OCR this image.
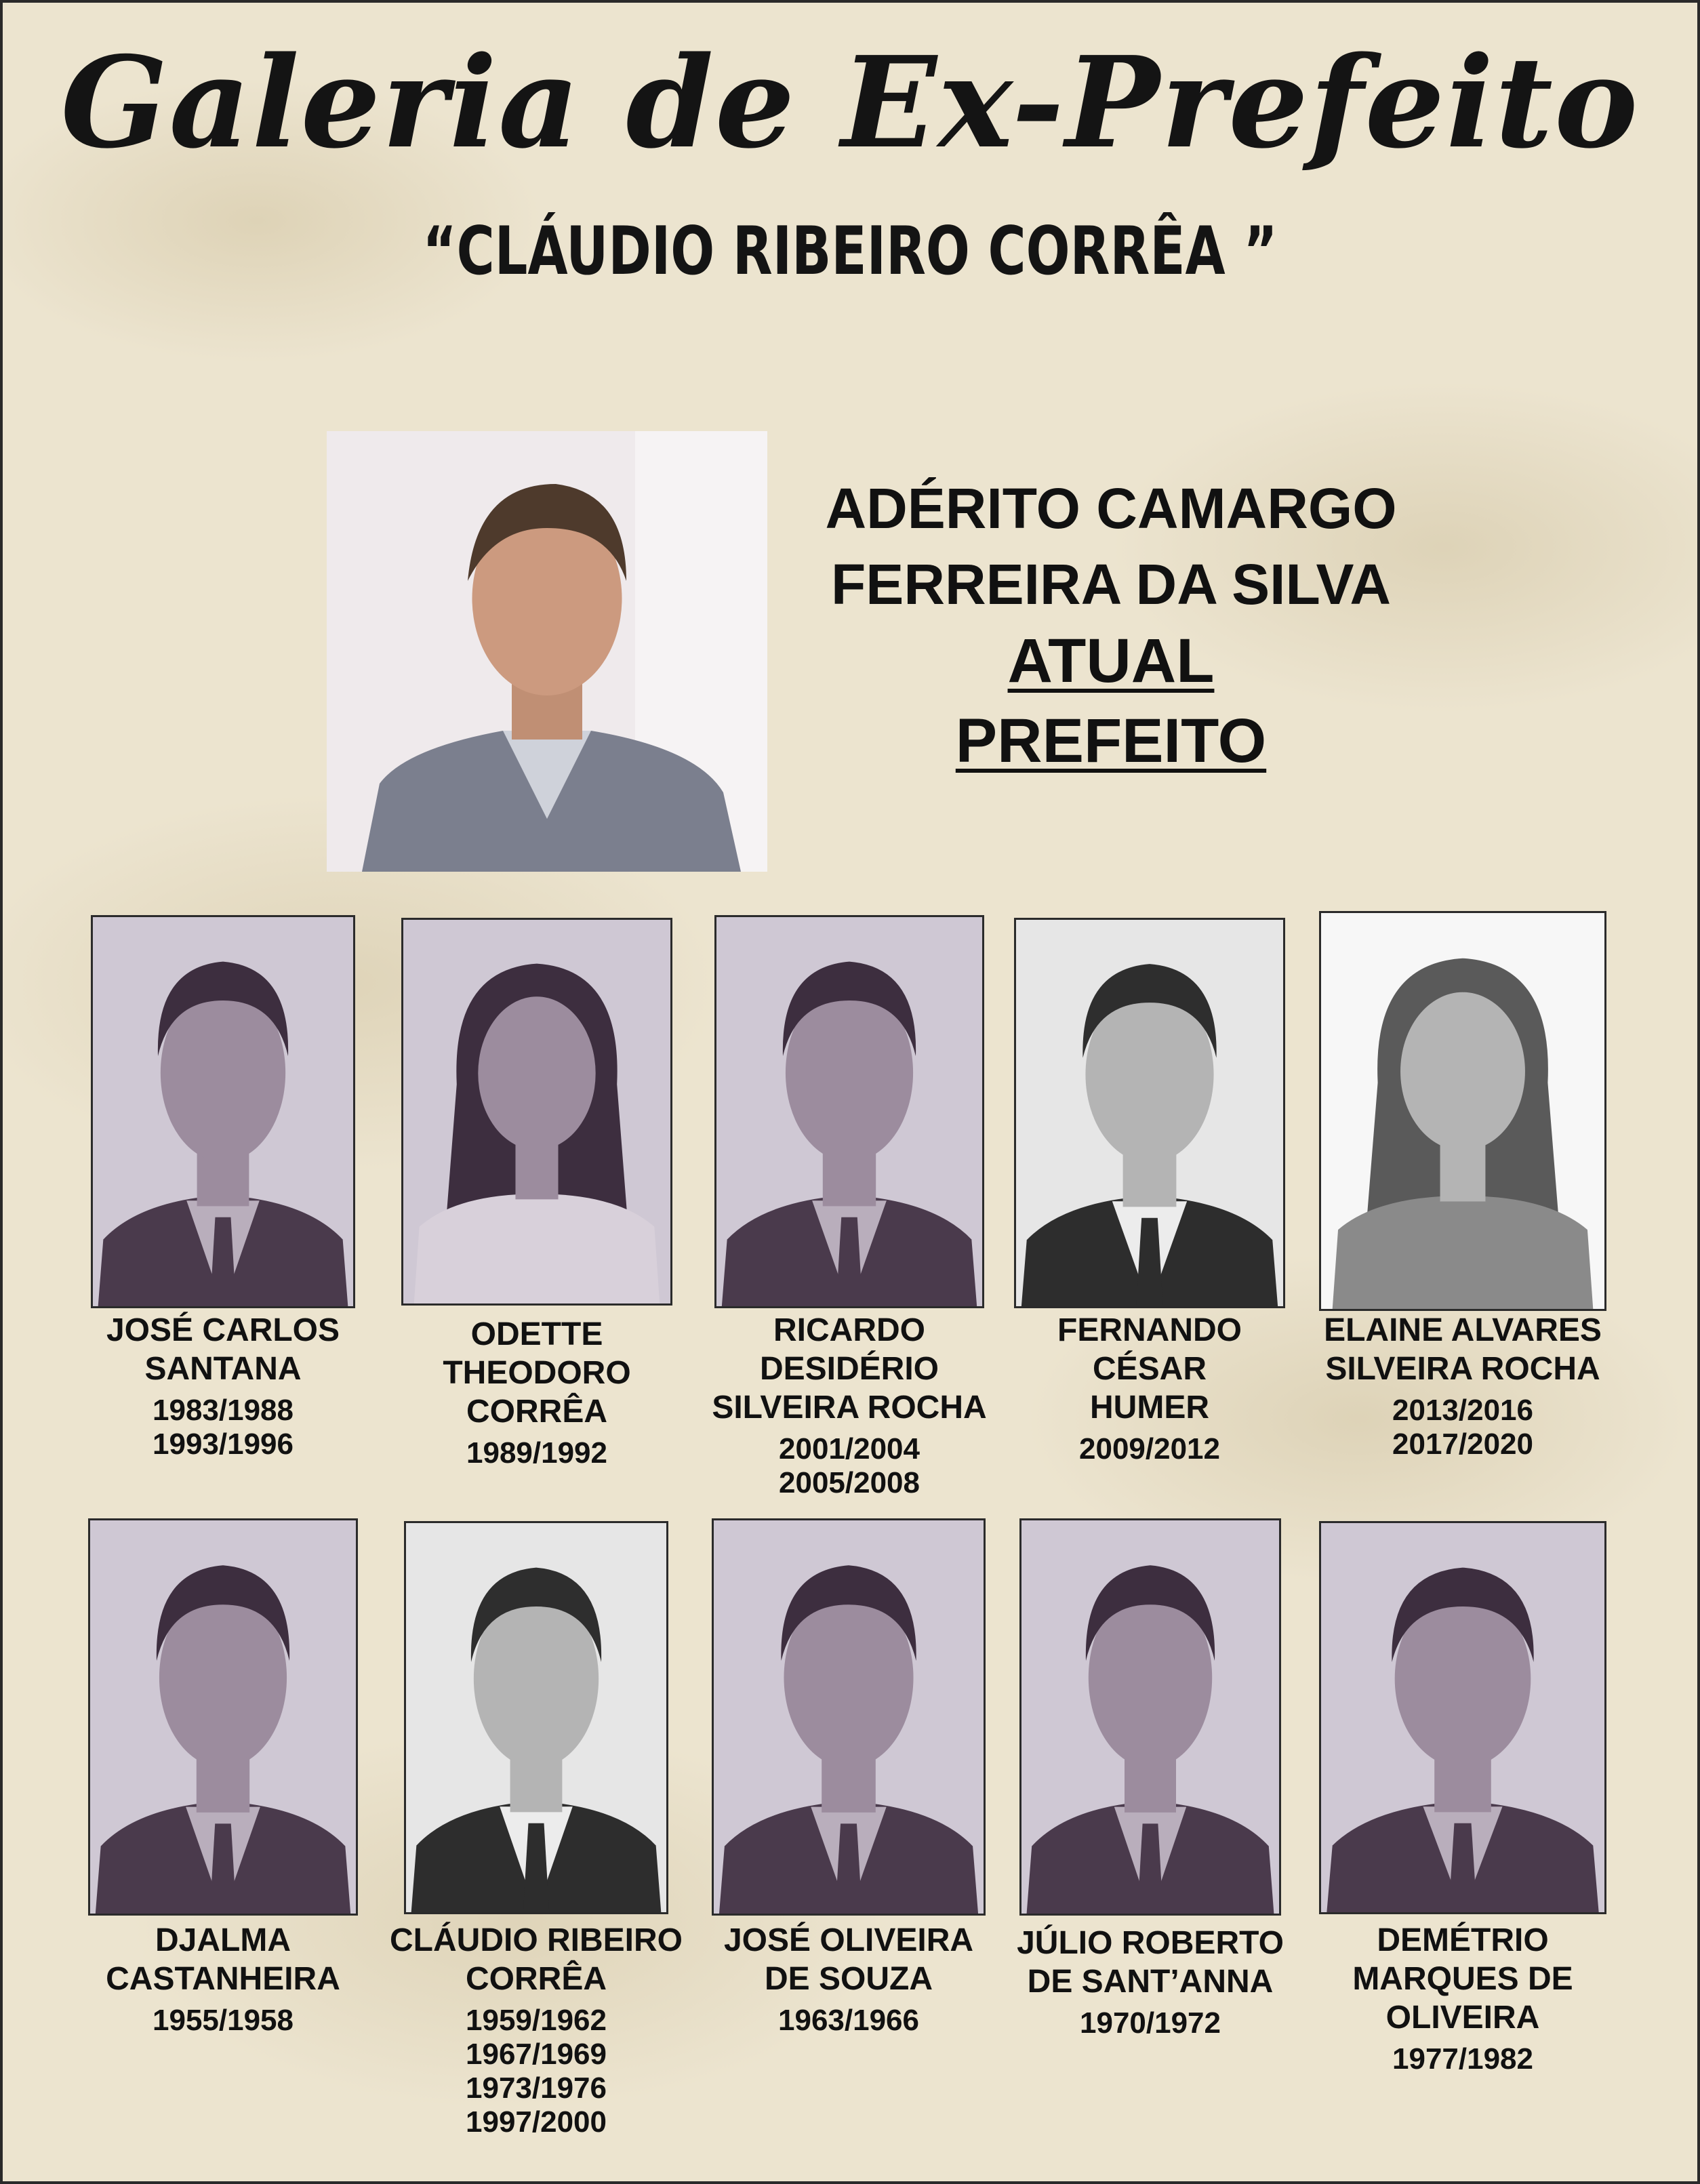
Galeria de Ex-Prefeito
“CLÁUDIO RIBEIRO CORRÊA ”
ADÉRITO CAMARGO
FERREIRA DA SILVA
ATUAL
PREFEITO
JOSÉ CARLOS
SANTANA
1983/1988
1993/1996
ODETTE
THEODORO
CORRÊA
1989/1992
RICARDO
DESIDÉRIO
SILVEIRA ROCHA
2001/2004
2005/2008
FERNANDO
CÉSAR
HUMER
2009/2012
ELAINE ALVARES
SILVEIRA ROCHA
2013/2016
2017/2020
DJALMA
CASTANHEIRA
1955/1958
CLÁUDIO RIBEIRO
CORRÊA
1959/1962
1967/1969
1973/1976
1997/2000
JOSÉ OLIVEIRA
DE SOUZA
1963/1966
JÚLIO ROBERTO
DE SANT’ANNA
1970/1972
DEMÉTRIO
MARQUES DE
OLIVEIRA
1977/1982
